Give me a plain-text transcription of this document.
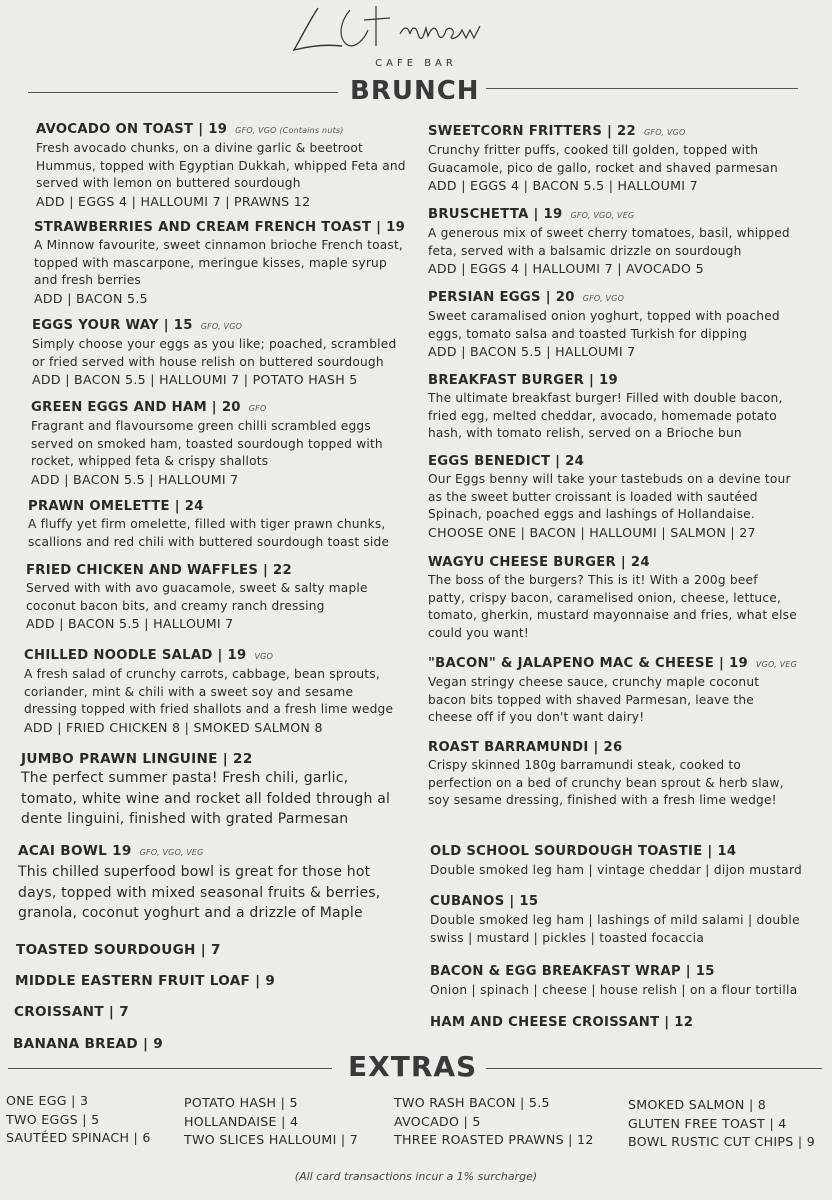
CAFE BAR
BRUNCH
AVOCADO ON TOAST | 19 GFO, VGO (Contains nuts)
Fresh avocado chunks, on a divine garlic & beetroot
Hummus, topped with Egyptian Dukkah, whipped Feta and
served with lemon on buttered sourdough
ADD | EGGS 4 | HALLOUMI 7 | PRAWNS 12
STRAWBERRIES AND CREAM FRENCH TOAST | 19
A Minnow favourite, sweet cinnamon brioche French toast,
topped with mascarpone, meringue kisses, maple syrup
and fresh berries
ADD | BACON 5.5
EGGS YOUR WAY | 15 GFO, VGO
Simply choose your eggs as you like; poached, scrambled
or fried served with house relish on buttered sourdough
ADD | BACON 5.5 | HALLOUMI 7 | POTATO HASH 5
GREEN EGGS AND HAM | 20 GFO
Fragrant and flavoursome green chilli scrambled eggs
served on smoked ham, toasted sourdough topped with
rocket, whipped feta & crispy shallots
ADD | BACON 5.5 | HALLOUMI 7
PRAWN OMELETTE | 24
A fluffy yet firm omelette, filled with tiger prawn chunks,
scallions and red chili with buttered sourdough toast side
FRIED CHICKEN AND WAFFLES | 22
Served with with avo guacamole, sweet & salty maple
coconut bacon bits, and creamy ranch dressing
ADD | BACON 5.5 | HALLOUMI 7
CHILLED NOODLE SALAD | 19 VGO
A fresh salad of crunchy carrots, cabbage, bean sprouts,
coriander, mint & chili with a sweet soy and sesame
dressing topped with fried shallots and a fresh lime wedge
ADD | FRIED CHICKEN 8 | SMOKED SALMON 8
JUMBO PRAWN LINGUINE | 22
The perfect summer pasta! Fresh chili, garlic,
tomato, white wine and rocket all folded through al
dente linguini, finished with grated Parmesan
ACAI BOWL 19 GFO, VGO, VEG
This chilled superfood bowl is great for those hot
days, topped with mixed seasonal fruits & berries,
granola, coconut yoghurt and a drizzle of Maple
TOASTED SOURDOUGH | 7
MIDDLE EASTERN FRUIT LOAF | 9
CROISSANT | 7
BANANA BREAD | 9
SWEETCORN FRITTERS | 22 GFO, VGO
Crunchy fritter puffs, cooked till golden, topped with
Guacamole, pico de gallo, rocket and shaved parmesan
ADD | EGGS 4 | BACON 5.5 | HALLOUMI 7
BRUSCHETTA | 19 GFO, VGO, VEG
A generous mix of sweet cherry tomatoes, basil, whipped
feta, served with a balsamic drizzle on sourdough
ADD | EGGS 4 | HALLOUMI 7 | AVOCADO 5
PERSIAN EGGS | 20 GFO, VGO
Sweet caramalised onion yoghurt, topped with poached
eggs, tomato salsa and toasted Turkish for dipping
ADD | BACON 5.5 | HALLOUMI 7
BREAKFAST BURGER | 19
The ultimate breakfast burger! Filled with double bacon,
fried egg, melted cheddar, avocado, homemade potato
hash, with tomato relish, served on a Brioche bun
EGGS BENEDICT | 24
Our Eggs benny will take your tastebuds on a devine tour
as the sweet butter croissant is loaded with sautéed
Spinach, poached eggs and lashings of Hollandaise.
CHOOSE ONE | BACON | HALLOUMI | SALMON | 27
WAGYU CHEESE BURGER | 24
The boss of the burgers? This is it! With a 200g beef
patty, crispy bacon, caramelised onion, cheese, lettuce,
tomato, gherkin, mustard mayonnaise and fries, what else
could you want!
"BACON" & JALAPENO MAC & CHEESE | 19 VGO, VEG
Vegan stringy cheese sauce, crunchy maple coconut
bacon bits topped with shaved Parmesan, leave the
cheese off if you don't want dairy!
ROAST BARRAMUNDI | 26
Crispy skinned 180g barramundi steak, cooked to
perfection on a bed of crunchy bean sprout & herb slaw,
soy sesame dressing, finished with a fresh lime wedge!
OLD SCHOOL SOURDOUGH TOASTIE | 14
Double smoked leg ham | vintage cheddar | dijon mustard
CUBANOS | 15
Double smoked leg ham | lashings of mild salami | double
swiss | mustard | pickles | toasted focaccia
BACON & EGG BREAKFAST WRAP | 15
Onion | spinach | cheese | house relish | on a flour tortilla
HAM AND CHEESE CROISSANT | 12
EXTRAS
ONE EGG | 3
TWO EGGS | 5
SAUTÉED SPINACH | 6
POTATO HASH | 5
HOLLANDAISE | 4
TWO SLICES HALLOUMI | 7
TWO RASH BACON | 5.5
AVOCADO | 5
THREE ROASTED PRAWNS | 12
SMOKED SALMON | 8
GLUTEN FREE TOAST | 4
BOWL RUSTIC CUT CHIPS | 9
(All card transactions incur a 1% surcharge)
